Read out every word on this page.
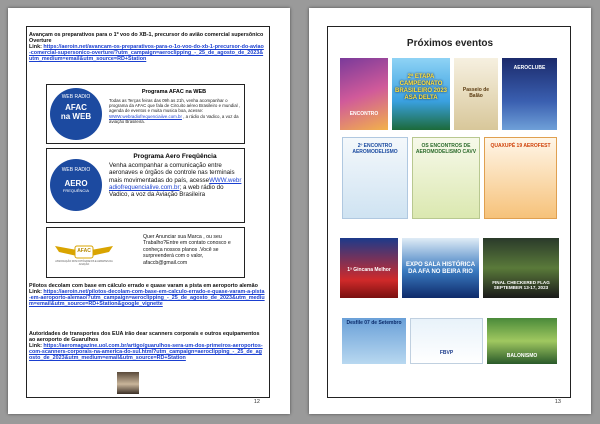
Avançam os preparativos para o 1º voo do XB-1, precursor do avião comercial supersônico Overture
Link: https://aeroin.net/avancam-os-preparativos-para-o-1o-voo-do-xb-1-precursor-do-aviao-comercial-supersonico-overture/?utm_campaign=aeroclipping_-_25_de_agosto_de_2023&utm_medium=email&utm_source=RD+Station
WEB RADIO
AFAC
na WEB
Programa AFAC na WEB
Todas as Terças feiras das 09h as 21h, venha acompanhar o programa da AFAC que fala de Circuito aéreo Brasileiro e mundial , agenda de eventos e muita musica boa, acesse: WWW.webradiofrequenciaiive.com.br , a rádio do Vadico, a voz da aviação Brasileira.
WEB RADIO
AERO
FREQUÊNCIA
Programa Aero Freqüência
Venha acompanhar a comunicação entre aeronaves e órgãos de controle nas terminais mais movimentadas do país, acesseWWW.webradiofrequencialive.com.br; a web rádio do Vadico, a voz da Aviação Brasileira
AFAC
ASSOCIAÇÃO DOS FOTÓGRAFOS E AMANTES DA AVIAÇÃO
Quer Anunciar sua Marca , ou seu Trabalho?Entre em contato conosco e conheça nossos planos .Você se surpreenderá com o valor, afaccb@gmail.com
Pilotos decolam com base em cálculo errado e quase varam a pista em aeroporto alemão
Link: https://aeroin.net/pilotos-decolam-com-base-em-calculo-errado-e-quase-varam-a-pista-em-aeroporto-alemao/?utm_campaign=aeroclipping_-_25_de_agosto_de_2023&utm_medium=email&utm_source=RD+Station&google_vignette
Autoridades de transportes dos EUA irão dear scanners corporais e outros equipamentos ao aeroporto de Guarulhos
Link: https://aeromagazine.uol.com.br/artigo/guarulhos-sera-um-dos-primeiros-aeroportos-com-scanners-corporais-na-america-do-sul.html?utm_campaign=aeroclipping_-_25_de_agosto_de_2023&utm_medium=email&utm_source=RD+Station
12
Próximos eventos
ENCONTRO
2ª ETAPA CAMPEONATO BRASILEIRO 2023 ASA DELTA
Passeio de Balão
AEROCLUBE
2º ENCONTRO AEROMODELISMO
OS ENCONTROS DE AEROMODELISMO CAVV
QUAXUPÉ 19 AEROFEST
1ª Gincana Melhor
EXPO SALA HISTÓRICA DA AFA NO BEIRA RIO
FINAL CHECKERED FLAG SEPTEMBER 13-17, 2023
Desfile 07 de Setembro
FBVP	BALONISMO
13
